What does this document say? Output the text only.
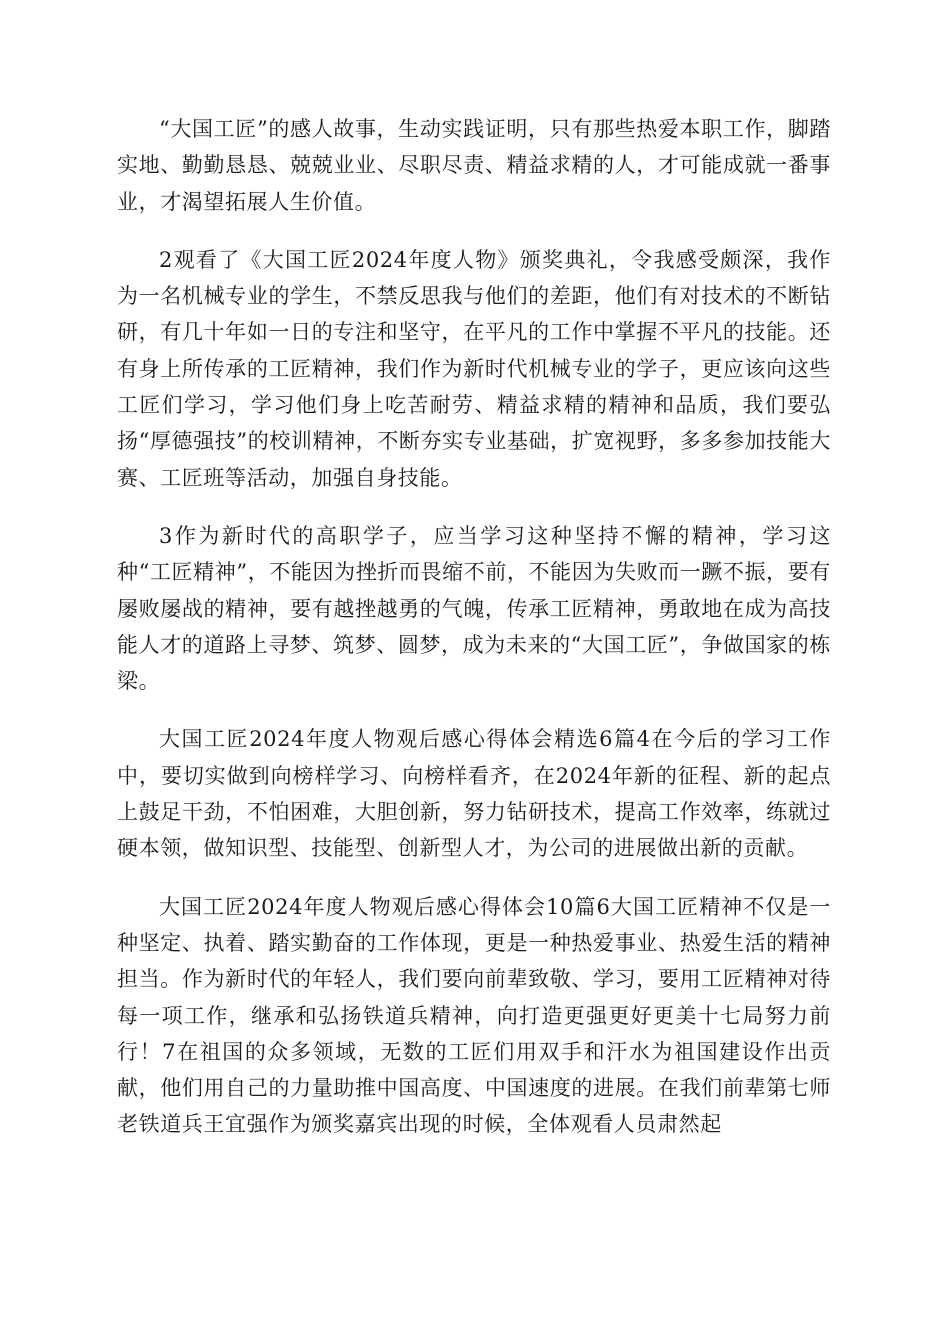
“大国工匠”的感人故事，生动实践证明，只有那些热爱本职工作，脚踏实地、勤勤恳恳、兢兢业业、尽职尽责、精益求精的人，才可能成就一番事业，才渴望拓展人生价值。

2观看了《大国工匠2024年度人物》颁奖典礼，令我感受颇深，我作为一名机械专业的学生，不禁反思我与他们的差距，他们有对技术的不断钻研，有几十年如一日的专注和坚守，在平凡的工作中掌握不平凡的技能。还有身上所传承的工匠精神，我们作为新时代机械专业的学子，更应该向这些工匠们学习，学习他们身上吃苦耐劳、精益求精的精神和品质，我们要弘扬“厚德强技”的校训精神，不断夯实专业基础，扩宽视野，多多参加技能大赛、工匠班等活动，加强自身技能。

3作为新时代的高职学子，应当学习这种坚持不懈的精神，学习这种“工匠精神”，不能因为挫折而畏缩不前，不能因为失败而一蹶不振，要有屡败屡战的精神，要有越挫越勇的气魄，传承工匠精神，勇敢地在成为高技能人才的道路上寻梦、筑梦、圆梦，成为未来的“大国工匠”，争做国家的栋梁。

大国工匠2024年度人物观后感心得体会精选6篇4在今后的学习工作中，要切实做到向榜样学习、向榜样看齐，在2024年新的征程、新的起点上鼓足干劲，不怕困难，大胆创新，努力钻研技术，提高工作效率，练就过硬本领，做知识型、技能型、创新型人才，为公司的进展做出新的贡献。

大国工匠2024年度人物观后感心得体会10篇6大国工匠精神不仅是一种坚定、执着、踏实勤奋的工作体现，更是一种热爱事业、热爱生活的精神担当。作为新时代的年轻人，我们要向前辈致敬、学习，要用工匠精神对待每一项工作，继承和弘扬铁道兵精神，向打造更强更好更美十七局努力前行！7在祖国的众多领域，无数的工匠们用双手和汗水为祖国建设作出贡献，他们用自己的力量助推中国高度、中国速度的进展。在我们前辈第七师老铁道兵王宜强作为颁奖嘉宾出现的时候，全体观看人员肃然起
